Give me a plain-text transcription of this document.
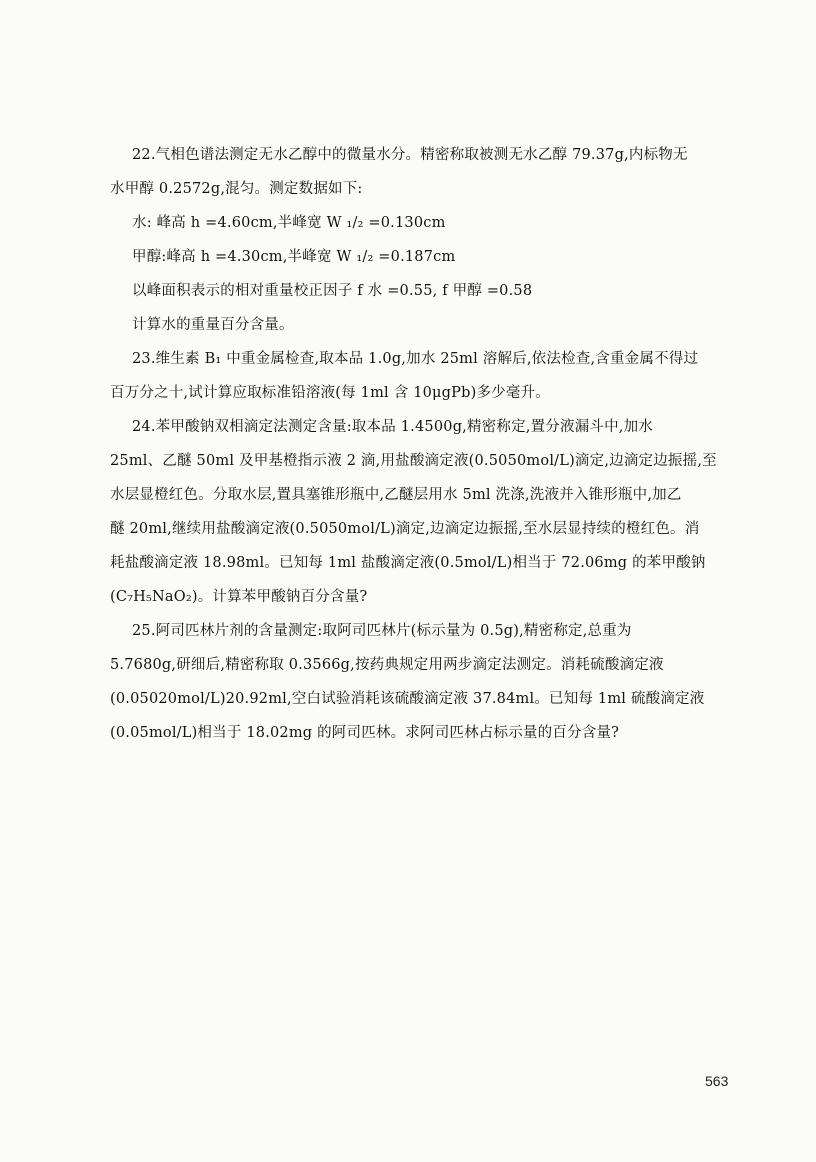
22.气相色谱法测定无水乙醇中的微量水分。精密称取被测无水乙醇 79.37g,内标物无
水甲醇 0.2572g,混匀。测定数据如下:
水: 峰高 h =4.60cm,半峰宽 W ₁/₂ =0.130cm
甲醇:峰高 h =4.30cm,半峰宽 W ₁/₂ =0.187cm
以峰面积表示的相对重量校正因子 f 水 =0.55, f 甲醇 =0.58
计算水的重量百分含量。
23.维生素 B₁ 中重金属检查,取本品 1.0g,加水 25ml 溶解后,依法检查,含重金属不得过
百万分之十,试计算应取标准铅溶液(每 1ml 含 10μgPb)多少毫升。
24.苯甲酸钠双相滴定法测定含量:取本品 1.4500g,精密称定,置分液漏斗中,加水
25ml、乙醚 50ml 及甲基橙指示液 2 滴,用盐酸滴定液(0.5050mol/L)滴定,边滴定边振摇,至
水层显橙红色。分取水层,置具塞锥形瓶中,乙醚层用水 5ml 洗涤,洗液并入锥形瓶中,加乙
醚 20ml,继续用盐酸滴定液(0.5050mol/L)滴定,边滴定边振摇,至水层显持续的橙红色。消
耗盐酸滴定液 18.98ml。已知每 1ml 盐酸滴定液(0.5mol/L)相当于 72.06mg 的苯甲酸钠
(C₇H₅NaO₂)。计算苯甲酸钠百分含量?
25.阿司匹林片剂的含量测定:取阿司匹林片(标示量为 0.5g),精密称定,总重为
5.7680g,研细后,精密称取 0.3566g,按药典规定用两步滴定法测定。消耗硫酸滴定液
(0.05020mol/L)20.92ml,空白试验消耗该硫酸滴定液 37.84ml。已知每 1ml 硫酸滴定液
(0.05mol/L)相当于 18.02mg 的阿司匹林。求阿司匹林占标示量的百分含量?
563
